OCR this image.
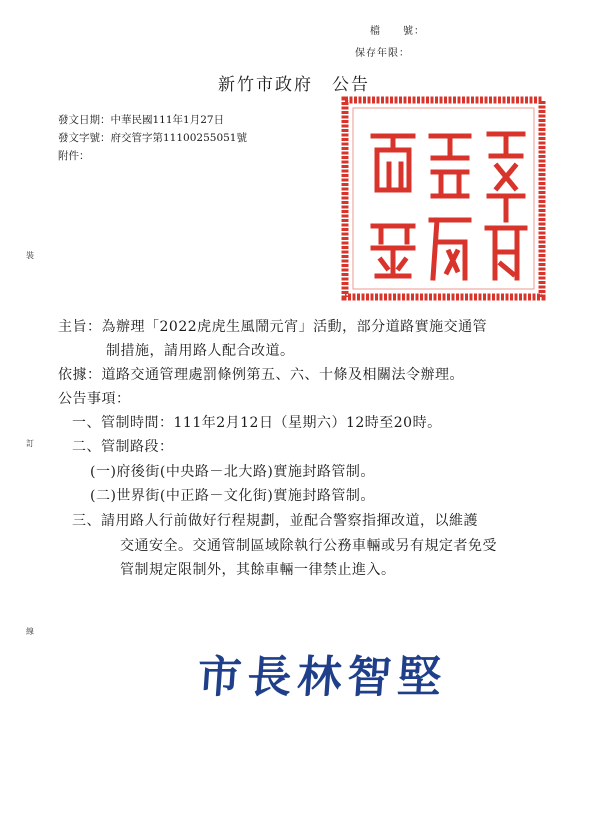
檔　　號：
保存年限：
新竹市政府　公告
發文日期：中華民國111年1月27日
發文字號：府交管字第11100255051號
附件：
裝
訂
線
主旨：為辦理「2022虎虎生風鬧元宵」活動，部分道路實施交通管
制措施，請用路人配合改道。
依據：道路交通管理處罰條例第五、六、十條及相關法令辦理。
公告事項：
一、管制時間：111年2月12日（星期六）12時至20時。
二、管制路段：
(一)府後街(中央路－北大路)實施封路管制。
(二)世界街(中正路－文化街)實施封路管制。
三、請用路人行前做好行程規劃，並配合警察指揮改道，以維護
交通安全。交通管制區域除執行公務車輛或另有規定者免受
管制規定限制外，其餘車輛一律禁止進入。
市長林智堅
